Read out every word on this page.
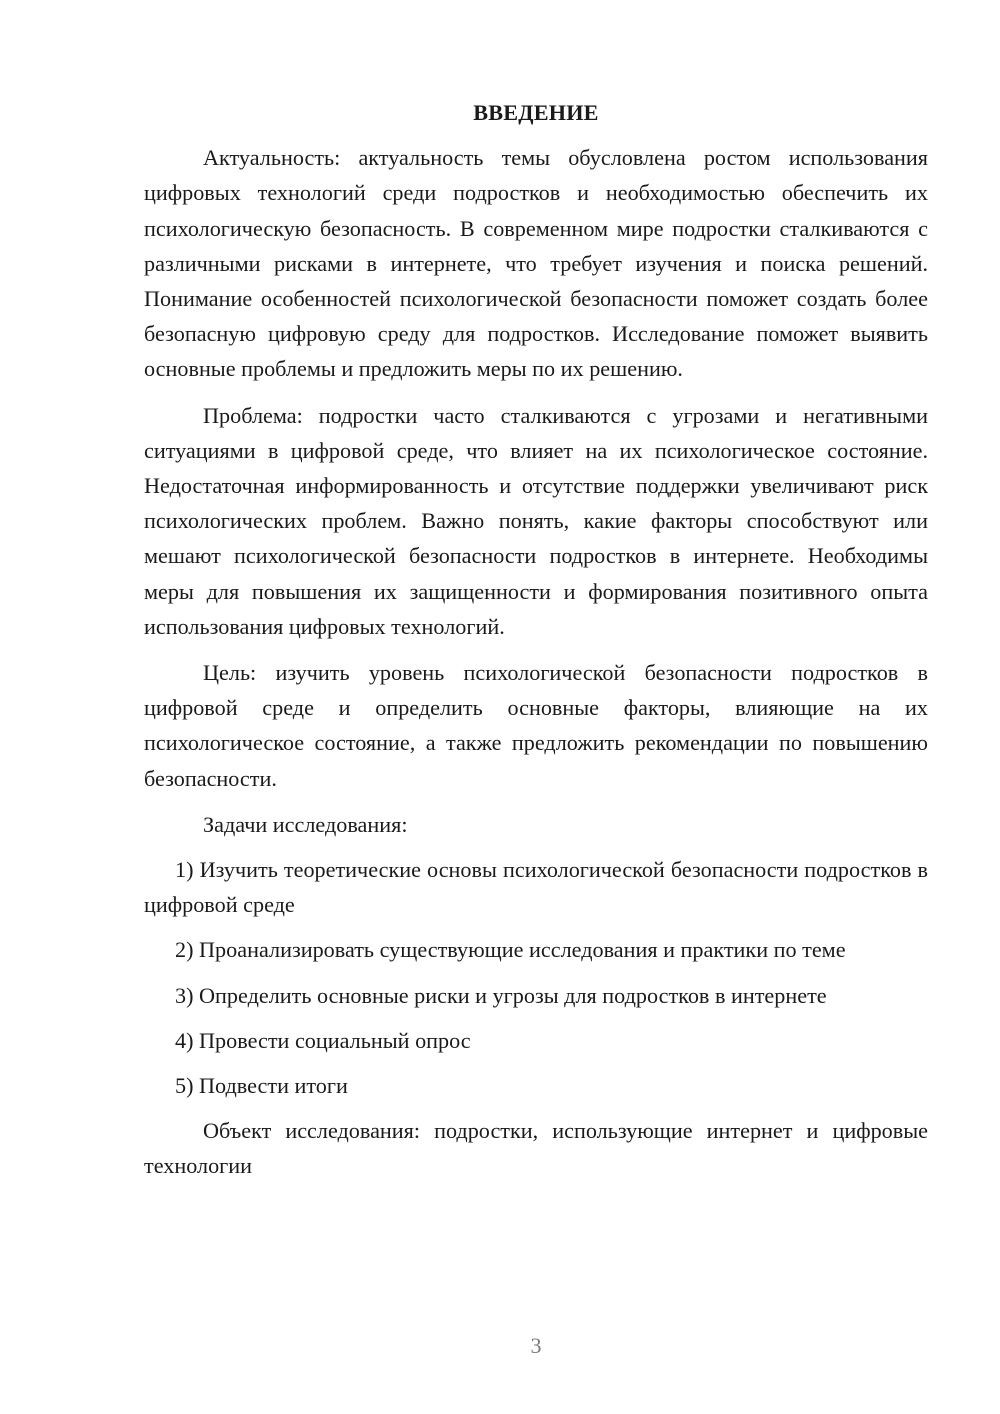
ВВЕДЕНИЕ

Актуальность: актуальность темы обусловлена ростом использования цифровых технологий среди подростков и необходимостью обеспечить их психологическую безопасность. В современном мире подростки сталкиваются с различными рисками в интернете, что требует изучения и поиска решений. Понимание особенностей психологической безопасности поможет создать более безопасную цифровую среду для подростков. Исследование поможет выявить основные проблемы и предложить меры по их решению.

Проблема: подростки часто сталкиваются с угрозами и негативными ситуациями в цифровой среде, что влияет на их психологическое состояние. Недостаточная информированность и отсутствие поддержки увеличивают риск психологических проблем. Важно понять, какие факторы способствуют или мешают психологической безопасности подростков в интернете. Необходимы меры для повышения их защищенности и формирования позитивного опыта использования цифровых технологий.

Цель: изучить уровень психологической безопасности подростков в цифровой среде и определить основные факторы, влияющие на их психологическое состояние, а также предложить рекомендации по повышению безопасности.

Задачи исследования:

1) Изучить теоретические основы психологической безопасности подростков в цифровой среде

2) Проанализировать существующие исследования и практики по теме

3) Определить основные риски и угрозы для подростков в интернете

4) Провести социальный опрос

5) Подвести итоги

Объект исследования: подростки, использующие интернет и цифровые технологии

3
